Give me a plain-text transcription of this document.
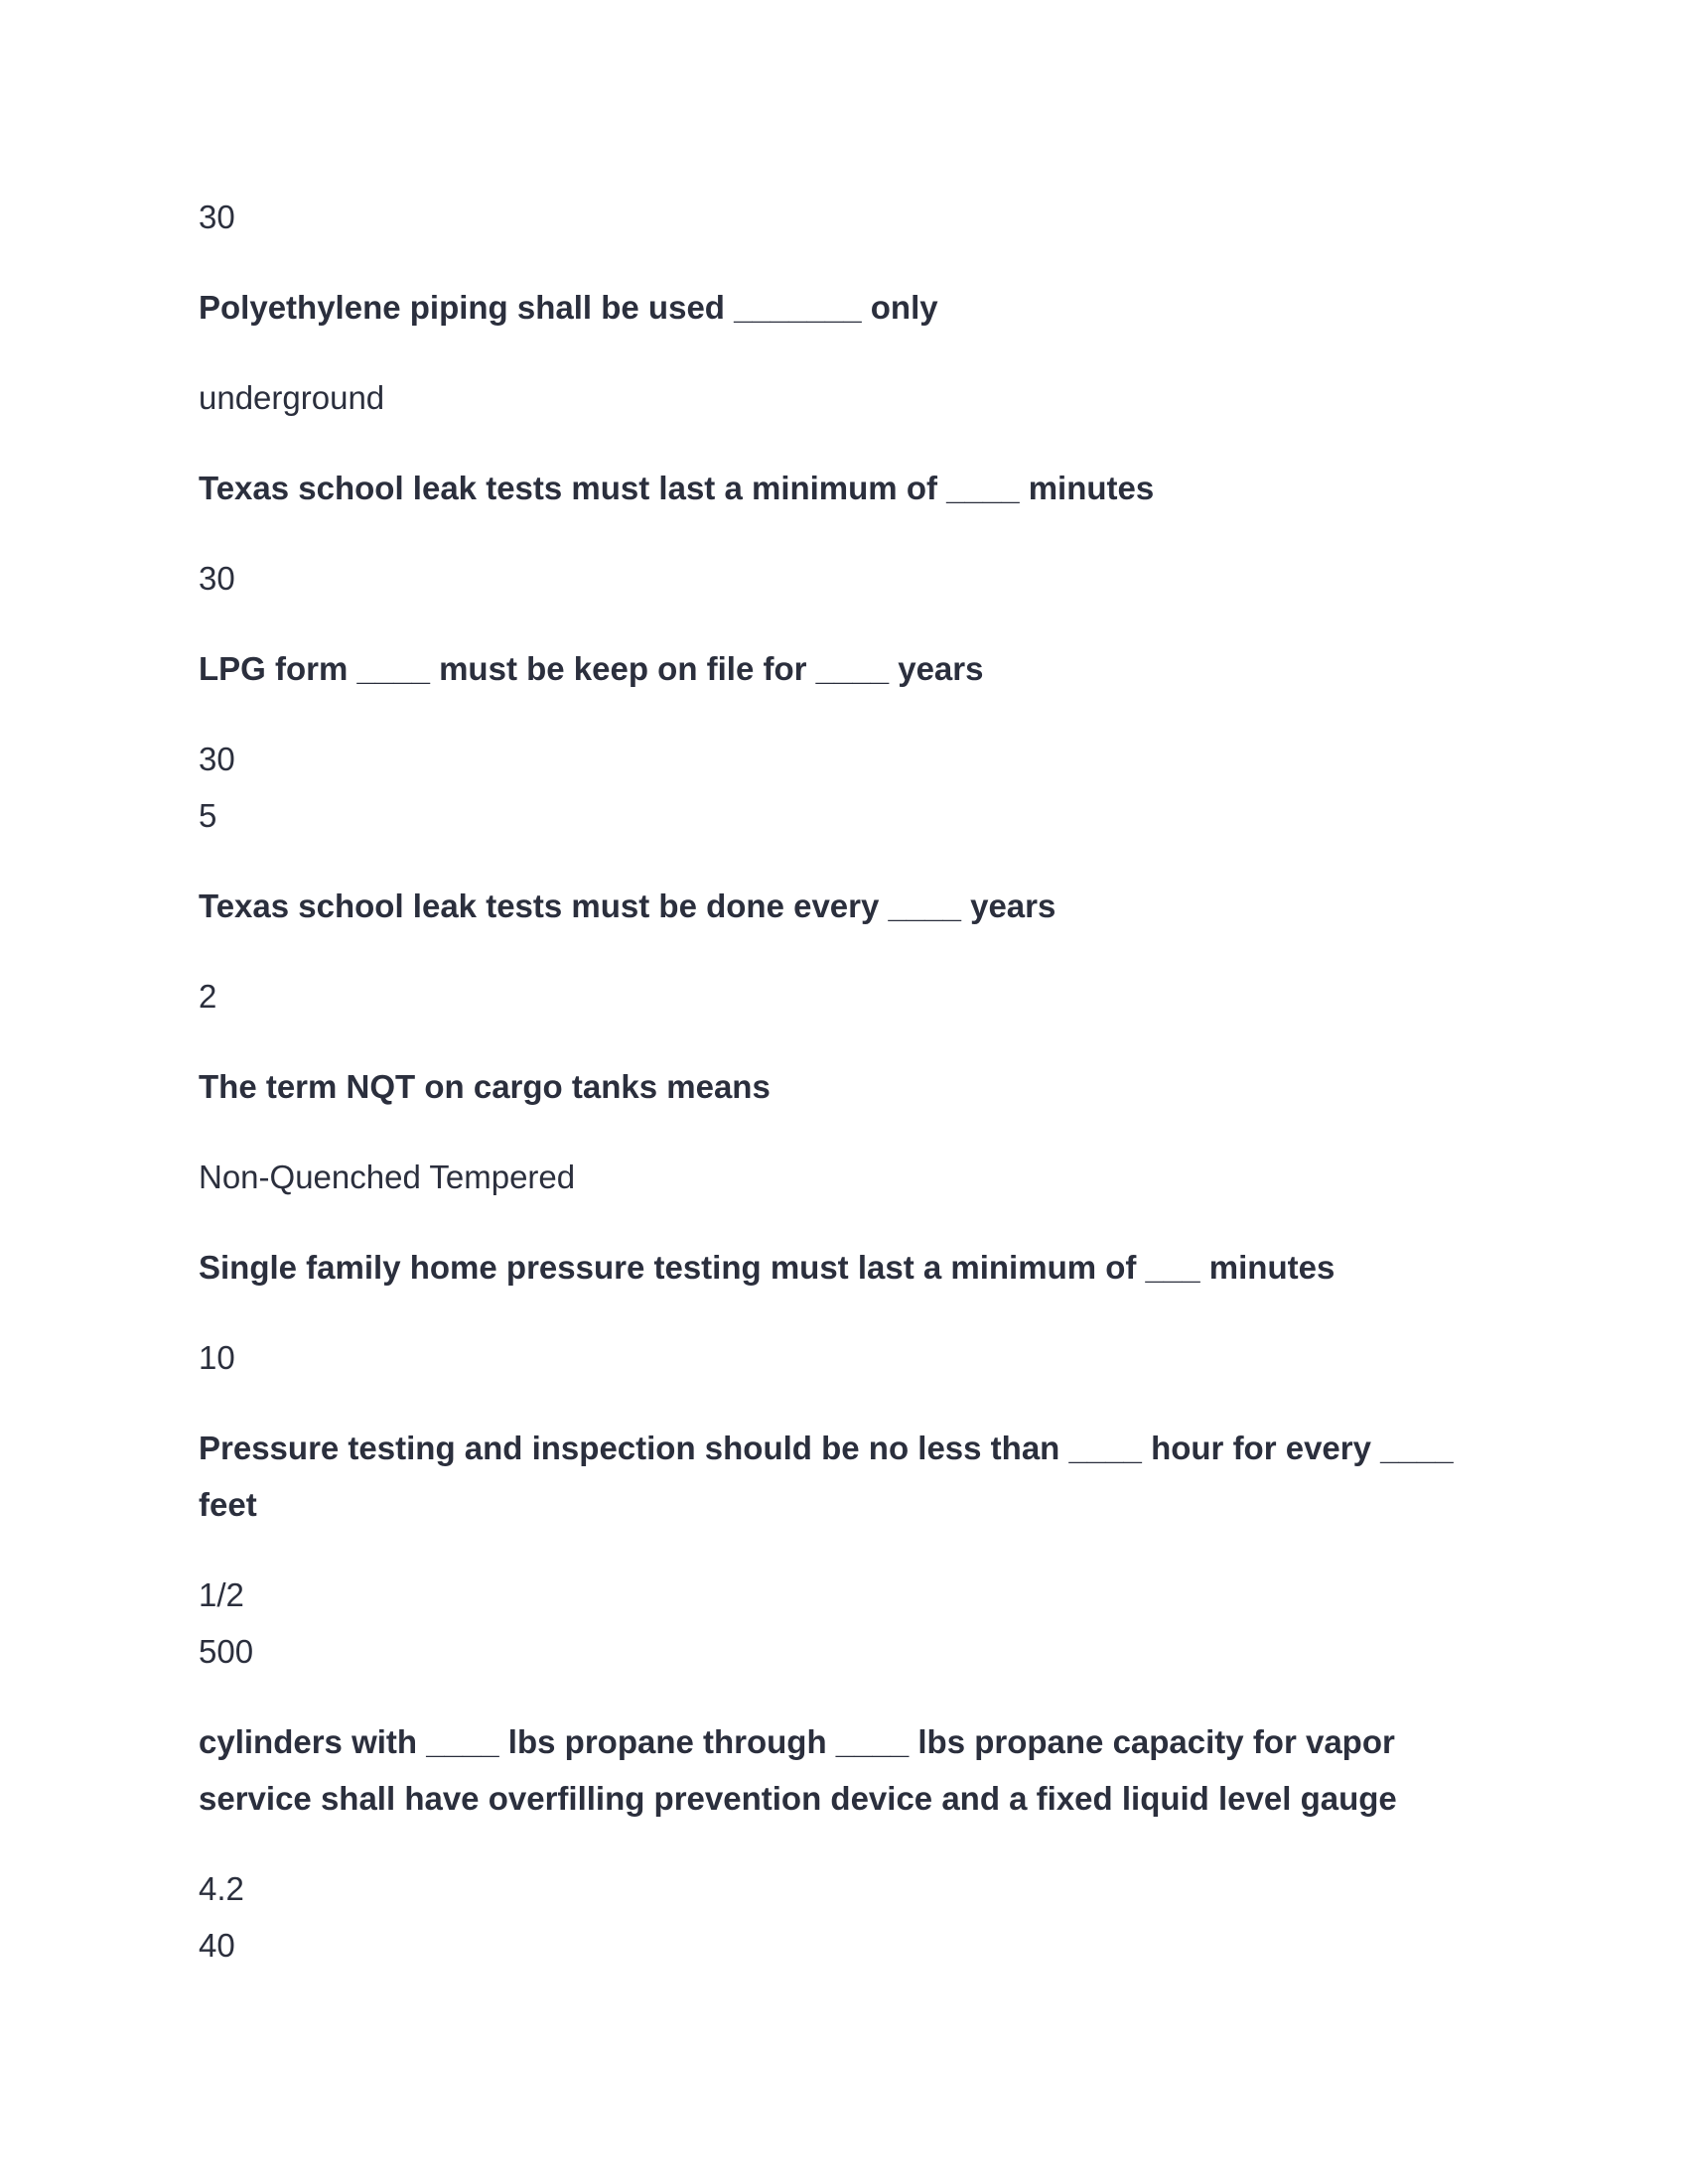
30
Polyethylene piping shall be used _______ only
underground
Texas school leak tests must last a minimum of ____ minutes
30
LPG form ____ must be keep on file for ____ years
30
5
Texas school leak tests must be done every ____ years
2
The term NQT on cargo tanks means
Non-Quenched Tempered
Single family home pressure testing must last a minimum of ___ minutes
10
Pressure testing and inspection should be no less than ____ hour for every ____ feet
1/2
500
cylinders with ____ lbs propane through ____ lbs propane capacity for vapor service shall have overfilling prevention device and a fixed liquid level gauge
4.2
40
